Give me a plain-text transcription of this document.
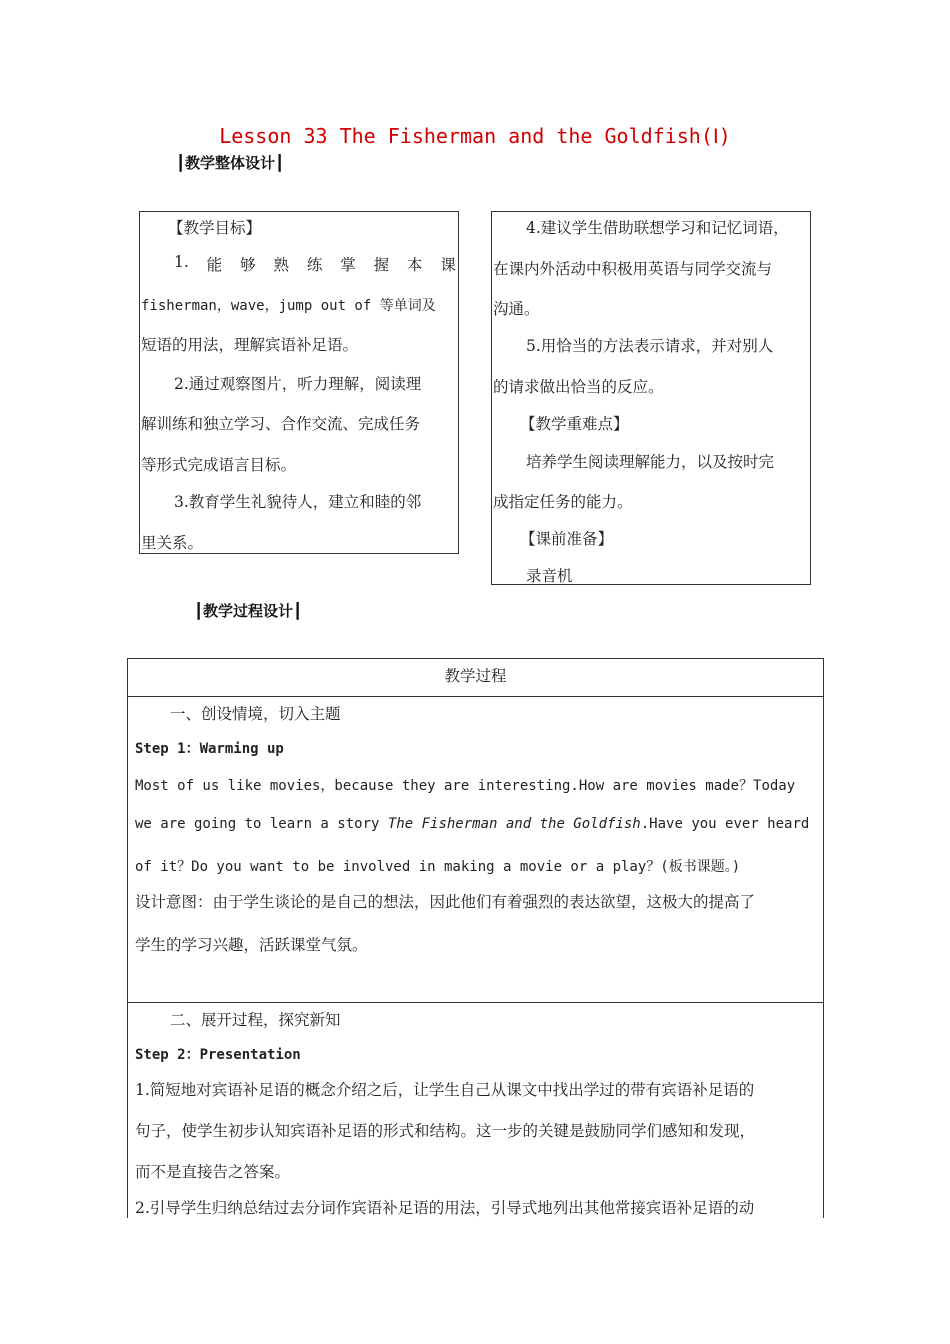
Lesson 33 The Fisherman and the Goldfish(Ⅰ)
┃教学整体设计┃
【教学目标】
1. 能 够 熟 练 掌 握 本 课
fisherman，wave，jump out of 等单词及
短语的用法，理解宾语补足语。
2.通过观察图片，听力理解，阅读理
解训练和独立学习、合作交流、完成任务
等形式完成语言目标。
3.教育学生礼貌待人，建立和睦的邻
里关系。
4.建议学生借助联想学习和记忆词语，
在课内外活动中积极用英语与同学交流与
沟通。
5.用恰当的方法表示请求，并对别人
的请求做出恰当的反应。
【教学重难点】
培养学生阅读理解能力，以及按时完
成指定任务的能力。
【课前准备】
录音机
┃教学过程设计┃
教学过程
一、创设情境，切入主题
Step 1：Warming up
Most of us like movies，because they are interesting.How are movies made？Today
we are going to learn a story The Fisherman and the Goldfish.Have you ever heard
of it？Do you want to be involved in making a movie or a play？(板书课题。)
设计意图：由于学生谈论的是自己的想法，因此他们有着强烈的表达欲望，这极大的提高了
学生的学习兴趣，活跃课堂气氛。
二、展开过程，探究新知
Step 2：Presentation
1.简短地对宾语补足语的概念介绍之后，让学生自己从课文中找出学过的带有宾语补足语的
句子，使学生初步认知宾语补足语的形式和结构。这一步的关键是鼓励同学们感知和发现，
而不是直接告之答案。
2.引导学生归纳总结过去分词作宾语补足语的用法，引导式地列出其他常接宾语补足语的动
